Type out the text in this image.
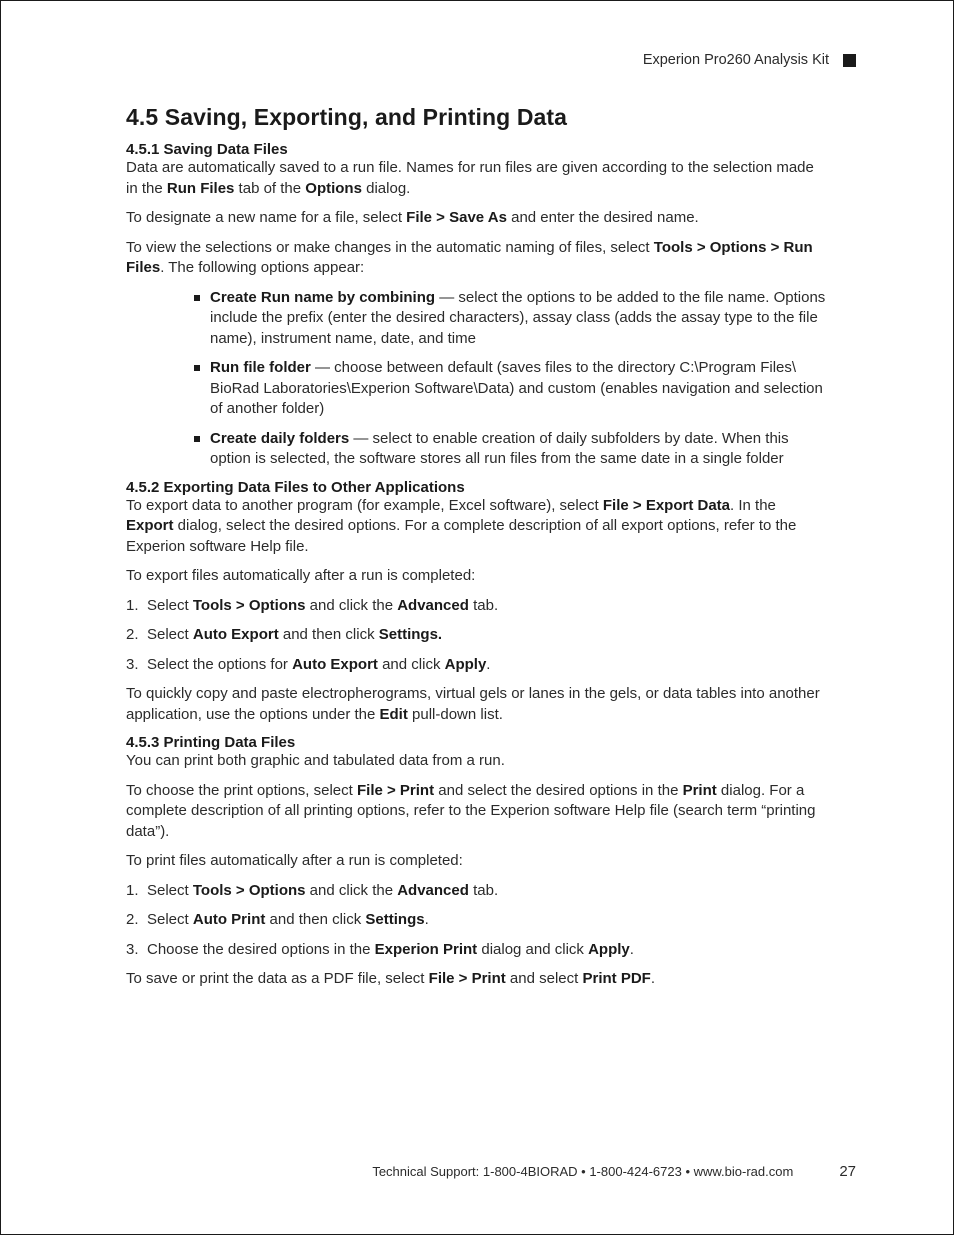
Experion Pro260 Analysis Kit
4.5 Saving, Exporting, and Printing Data
4.5.1 Saving Data Files

Data are automatically saved to a run file. Names for run files are given according to the selection made in the Run Files tab of the Options dialog.

To designate a new name for a file, select File > Save As and enter the desired name.

To view the selections or make changes in the automatic naming of files, select Tools > Options > Run Files. The following options appear:

Create Run name by combining — select the options to be added to the file name. Options include the prefix (enter the desired characters), assay class (adds the assay type to the file name), instrument name, date, and time
Run file folder — choose between default (saves files to the directory C:\Program Files\ BioRad Laboratories\Experion Software\Data) and custom (enables navigation and selection of another folder)
Create daily folders — select to enable creation of daily subfolders by date. When this option is selected, the software stores all run files from the same date in a single folder
4.5.2 Exporting Data Files to Other Applications

To export data to another program (for example, Excel software), select File > Export Data. In the Export dialog, select the desired options. For a complete description of all export options, refer to the Experion software Help file.

To export files automatically after a run is completed:

1. Select Tools > Options and click the Advanced tab.
2. Select Auto Export and then click Settings.
3. Select the options for Auto Export and click Apply.

To quickly copy and paste electropherograms, virtual gels or lanes in the gels, or data tables into another application, use the options under the Edit pull-down list.

4.5.3 Printing Data Files

You can print both graphic and tabulated data from a run.

To choose the print options, select File > Print and select the desired options in the Print dialog. For a complete description of all printing options, refer to the Experion software Help file (search term “printing data”).

To print files automatically after a run is completed:

1. Select Tools > Options and click the Advanced tab.
2. Select Auto Print and then click Settings.
3. Choose the desired options in the Experion Print dialog and click Apply.

To save or print the data as a PDF file, select File > Print and select Print PDF.

Technical Support: 1-800-4BIORAD • 1-800-424-6723 • www.bio-rad.com	27
